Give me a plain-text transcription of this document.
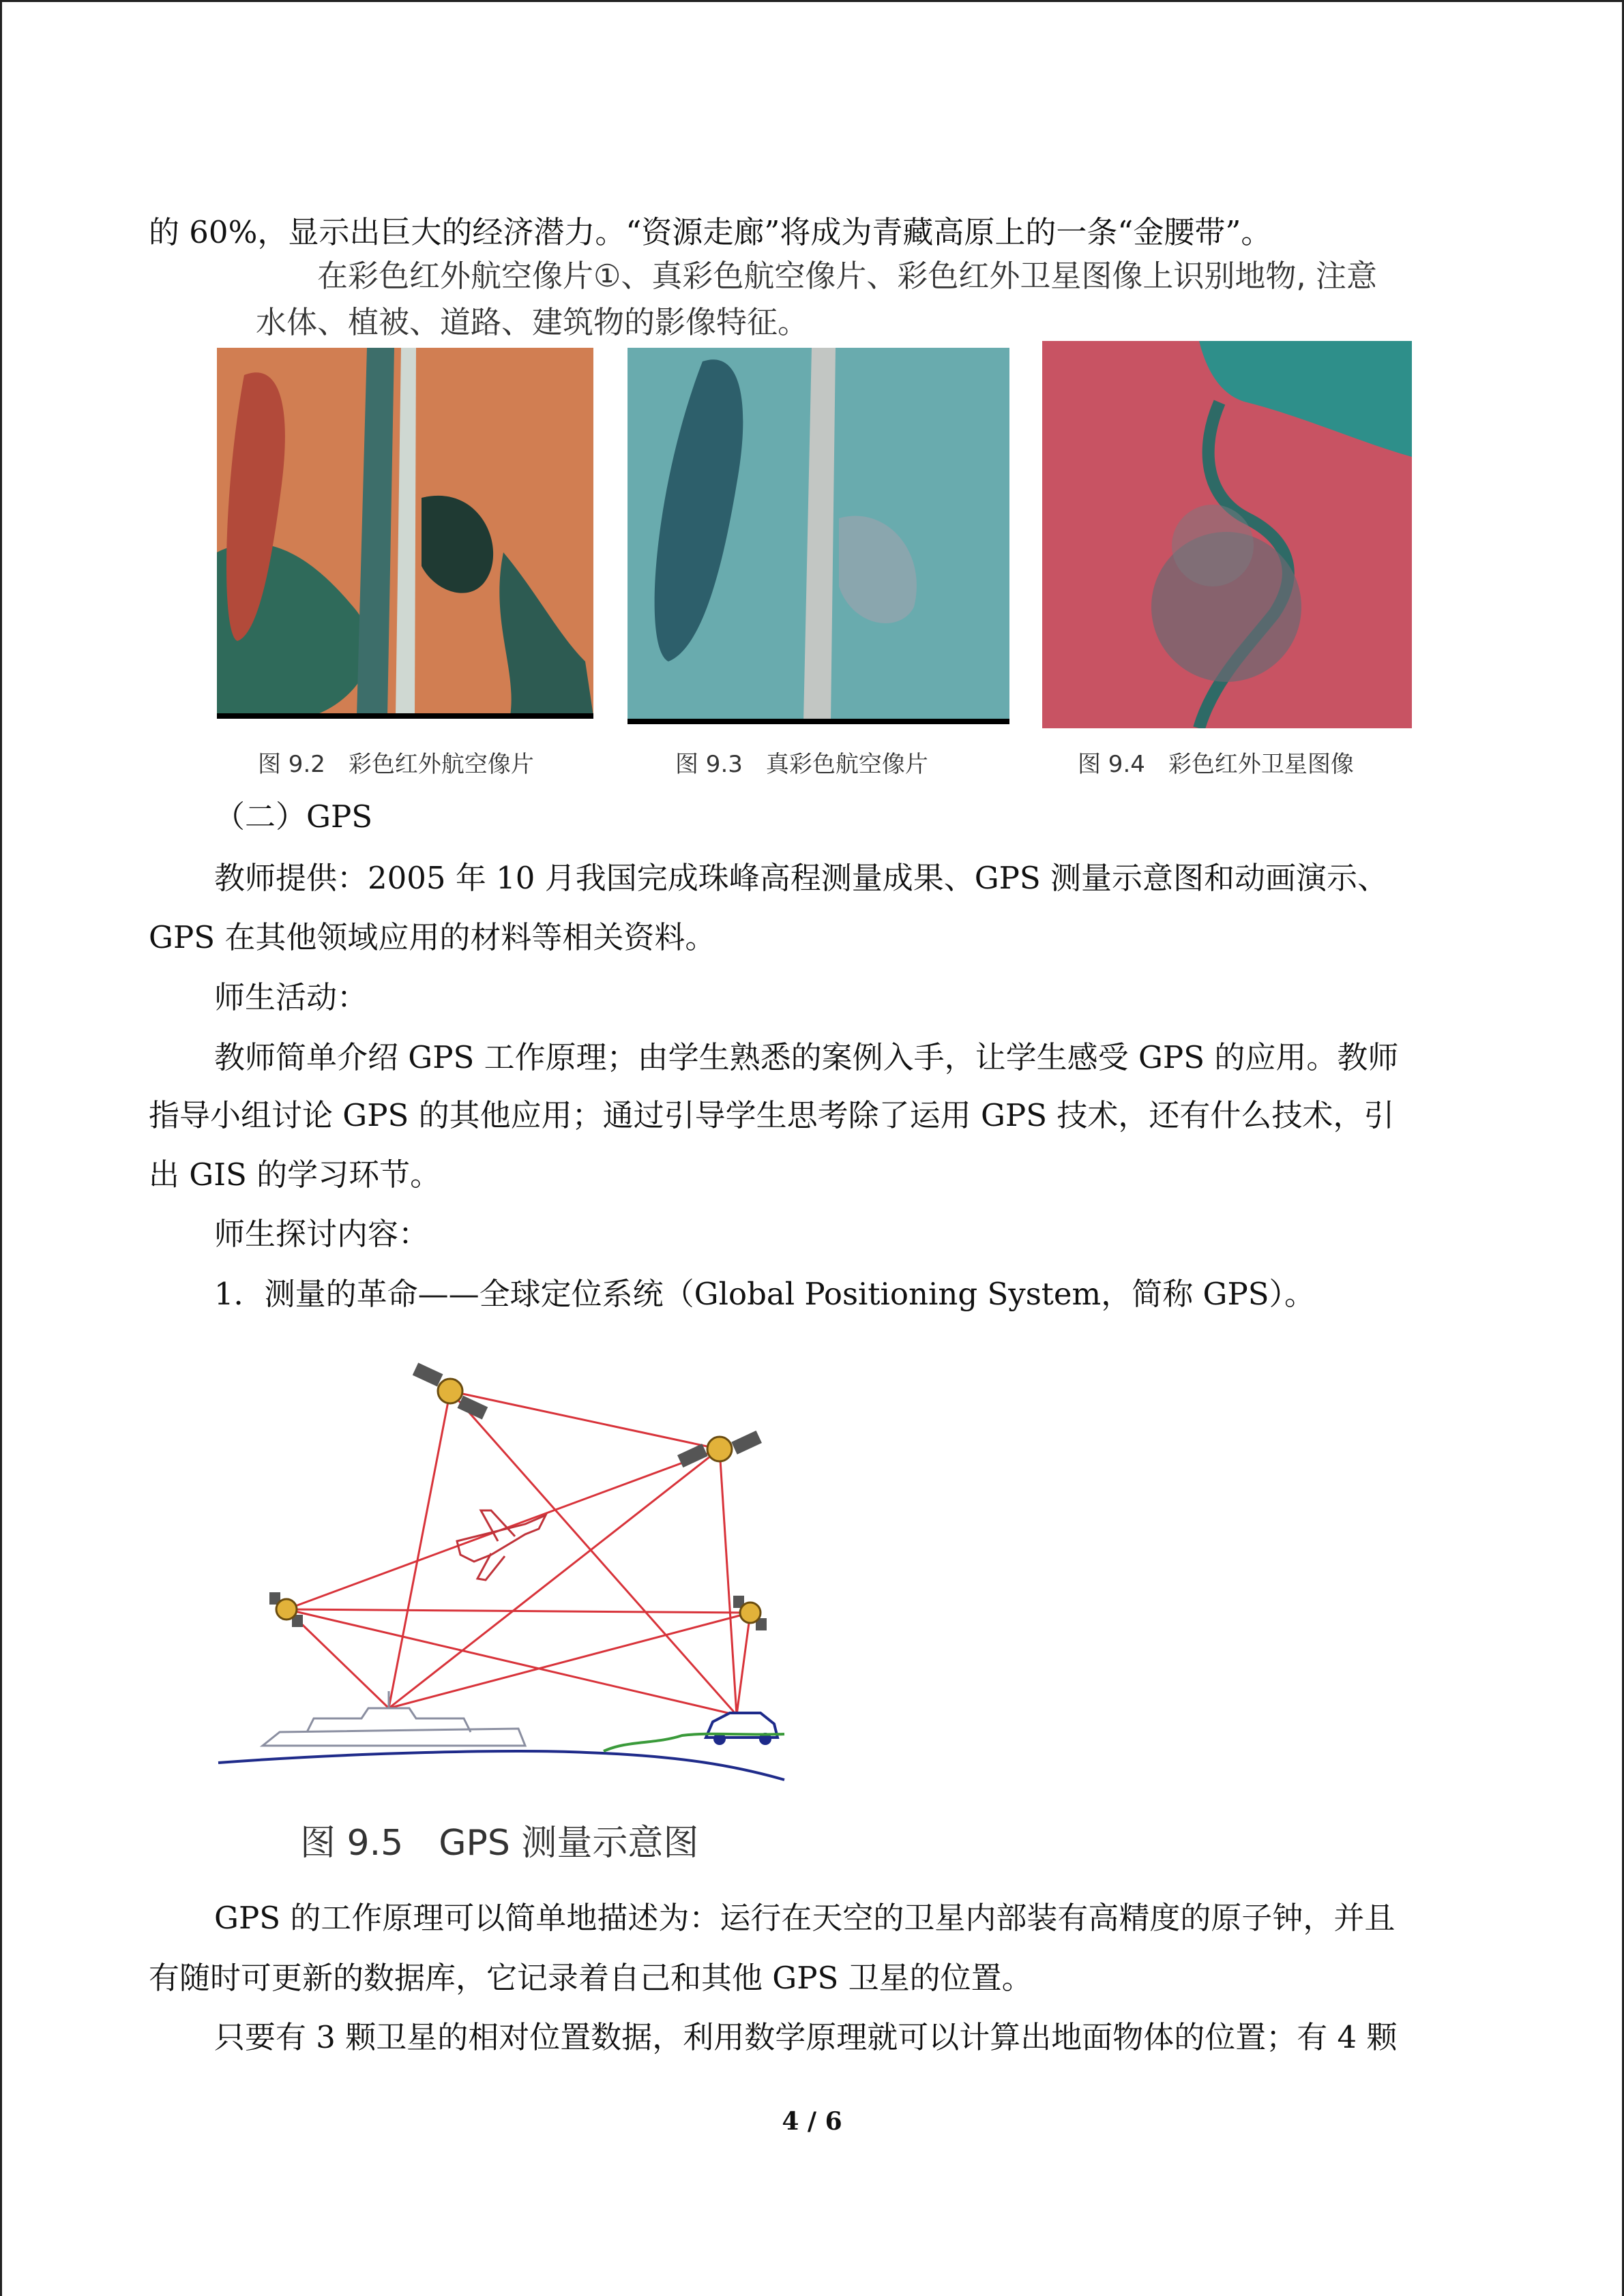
的 60%，显示出巨大的经济潜力。“资源走廊”将成为青藏高原上的一条“金腰带”。
在彩色红外航空像片①、真彩色航空像片、彩色红外卫星图像上识别地物, 注意
水体、植被、道路、建筑物的影像特征。
图 9.2　彩色红外航空像片	图 9.3　真彩色航空像片	图 9.4　彩色红外卫星图像
（二）GPS
教师提供：2005 年 10 月我国完成珠峰高程测量成果、GPS 测量示意图和动画演示、
GPS 在其他领域应用的材料等相关资料。
师生活动：
教师简单介绍 GPS 工作原理；由学生熟悉的案例入手，让学生感受 GPS 的应用。教师
指导小组讨论 GPS 的其他应用；通过引导学生思考除了运用 GPS 技术，还有什么技术，引
出 GIS 的学习环节。
师生探讨内容：
1．测量的革命——全球定位系统（Global Positioning System，简称 GPS）。
图 9.5　GPS 测量示意图
GPS 的工作原理可以简单地描述为：运行在天空的卫星内部装有高精度的原子钟，并且
有随时可更新的数据库，它记录着自己和其他 GPS 卫星的位置。
只要有 3 颗卫星的相对位置数据，利用数学原理就可以计算出地面物体的位置；有 4 颗
4 / 6
